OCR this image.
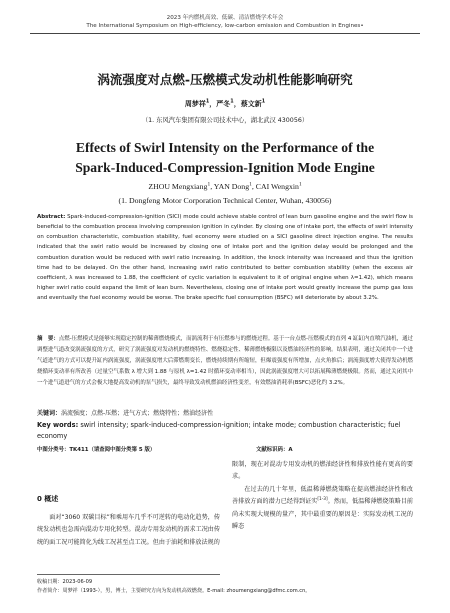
2023 年内燃机高效、低碳、清洁燃烧学术年会
The International Symposium on High-efficiency, low-carbon emission and Combustion in Engines•
涡流强度对点燃-压燃模式发动机性能影响研究
周梦祥$^1$，严冬$^1$，蔡文新$^1$
（1. 东风汽车集团有限公司技术中心，湖北武汉 430056）
Effects of Swirl Intensity on the Performance of the
Spark-Induced-Compression-Ignition Mode Engine
ZHOU Mengxiang$^1$, YAN Dong$^1$, CAI Wengxin$^1$
(1. Dongfeng Motor Corporation Technical Center, Wuhan, 430056)

Abstract: Spark-induced-compression-ignition (SICI) mode could achieve stable control of lean burn gasoline engine and the swirl flow is beneficial to the combustion process involving compression ignition in cylinder. By closing one of intake port, the effects of swirl intensity on combustion characteristic, combustion stability, fuel economy were studied on a SICI gasoline direct injection engine. The results indicated that the swirl ratio would be increased by closing one of intake port and the ignition delay would be prolonged and the combustion duration would be reduced with swirl ratio increasing. In addition, the knock intensity was increased and thus the ignition time had to be delayed. On the other hand, increasing swirl ratio contributed to better combustion stability (when the excess air coefficient, λ was increased to 1.88, the coefficient of cyclic variation is equivalent to it of original engine when λ=1.42), which means higher swirl ratio could expand the limit of lean burn. Nevertheless, closing one of intake port would greatly increase the pump gas loss and eventually the fuel economy would be worse. The brake specific fuel consumption (BSFC) will deteriorate by about 3.2%.

摘　要：点燃-压燃模式是能够实现稳定控制的稀薄燃烧模式，而涡流利于有压燃参与的燃烧过程。基于一台点燃-压燃模式的直列 4 缸缸内直喷汽油机，通过调整进气道改变涡流强度的方式，研究了涡流强度对发动机的燃烧特性、燃烧稳定性、稀薄燃烧极限以及燃油经济性的影响。结果表明，通过关闭其中一个进气道进气的方式可以提升缸内涡流强度，涡流强度增大后滞燃期变长，燃烧持续期有所缩短，但爆震强度有所增加，点火角推后；涡流强度增大使得发动机燃烧循环变动率有所改善（过量空气系数 λ 增大到 1.88 与原机 λ=1.42 时循环变动率相当），因此涡流强度增大可以拓展稀薄燃烧极限。然而，通过关闭其中一个进气道进气的方式会极大地提高发动机的泵气损失，最终导致发动机燃油经济性变差，有效燃油消耗率(BSFC)恶化约 3.2%。

关键词：涡流强度；点燃-压燃；进气方式；燃烧特性；燃油经济性

Key words: swirl intensity; spark-induced-compression-ignition; intake mode; combustion characteristic; fuel economy

中图分类号：TK411（请查阅中图分类第 5 版）	文献标识码：A
0 概述

面对“3060 双碳目标”和乘用车几乎不可逆转的电动化趋势，传统发动机也急需向混动专用化转型。混动专用发动机的需求工况由传统的面工况可能简化为线工况甚至点工况。但由于油耗和排放法规的

限制，现在对混动专用发动机的燃油经济性和排放性能有更高的要求。

在过去的几十年里，低温稀薄燃烧策略在提高燃油经济性和改善排放方面的潜力已经得到证实[1-3]。然而，低温稀薄燃烧策略目前尚未实现大规模的量产，其中最重要的原因是：实际发动机工况的瞬态

收稿日期：2023-06-09
作者简介：周梦祥（1993-），男，博士，主要研究方向为发动机高效燃烧。E-mail: zhoumengxiang@dfmc.com.cn。
